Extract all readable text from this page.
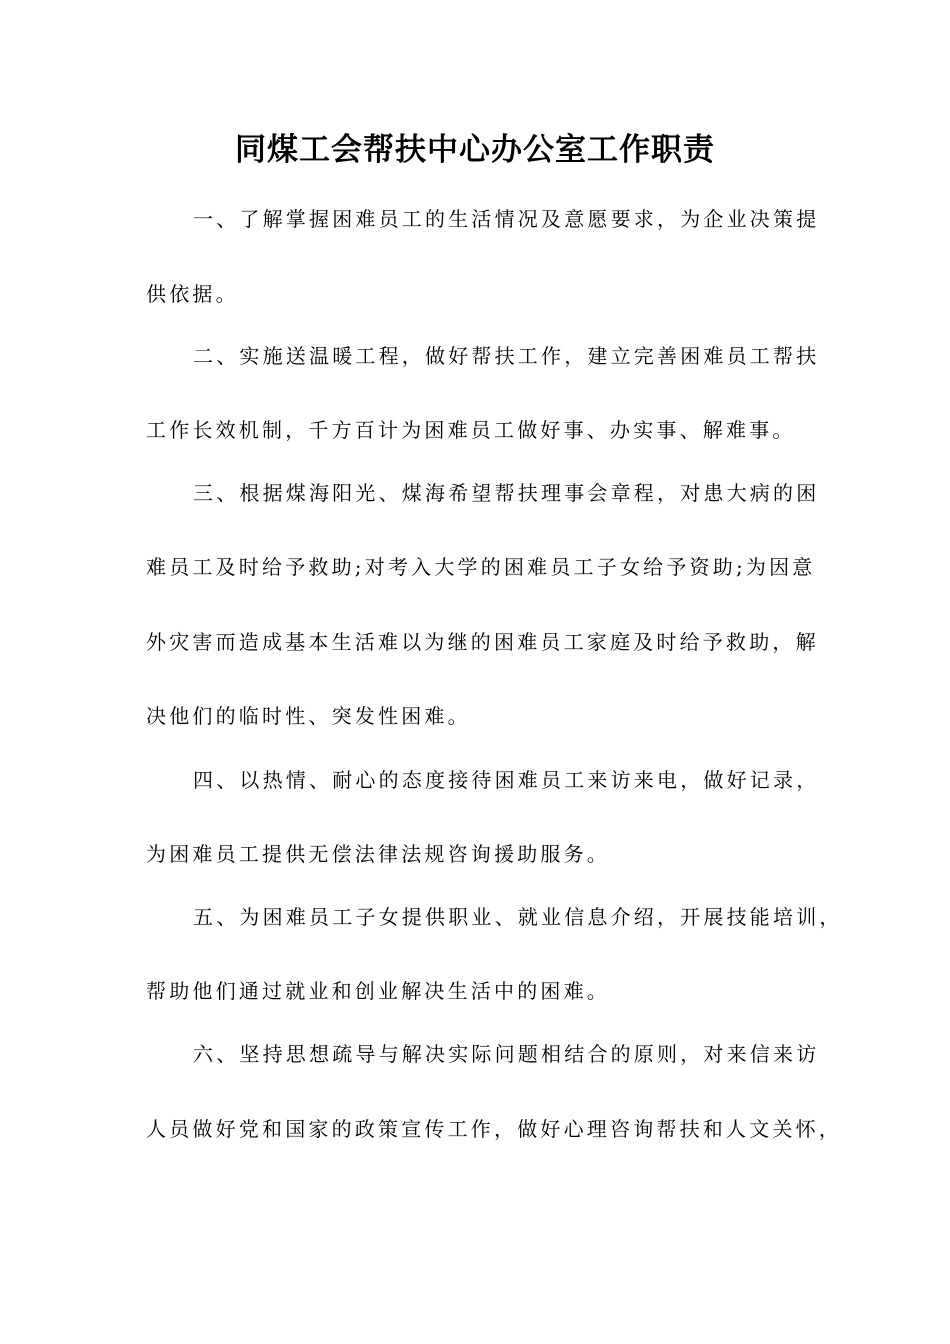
同煤工会帮扶中心办公室工作职责
一、了解掌握困难员工的生活情况及意愿要求，为企业决策提
供依据。
二、实施送温暖工程，做好帮扶工作，建立完善困难员工帮扶
工作长效机制，千方百计为困难员工做好事、办实事、解难事。
三、根据煤海阳光、煤海希望帮扶理事会章程，对患大病的困
难员工及时给予救助;对考入大学的困难员工子女给予资助;为因意
外灾害而造成基本生活难以为继的困难员工家庭及时给予救助，解
决他们的临时性、突发性困难。
四、以热情、耐心的态度接待困难员工来访来电，做好记录，
为困难员工提供无偿法律法规咨询援助服务。
五、为困难员工子女提供职业、就业信息介绍，开展技能培训，
帮助他们通过就业和创业解决生活中的困难。
六、坚持思想疏导与解决实际问题相结合的原则，对来信来访
人员做好党和国家的政策宣传工作，做好心理咨询帮扶和人文关怀，
